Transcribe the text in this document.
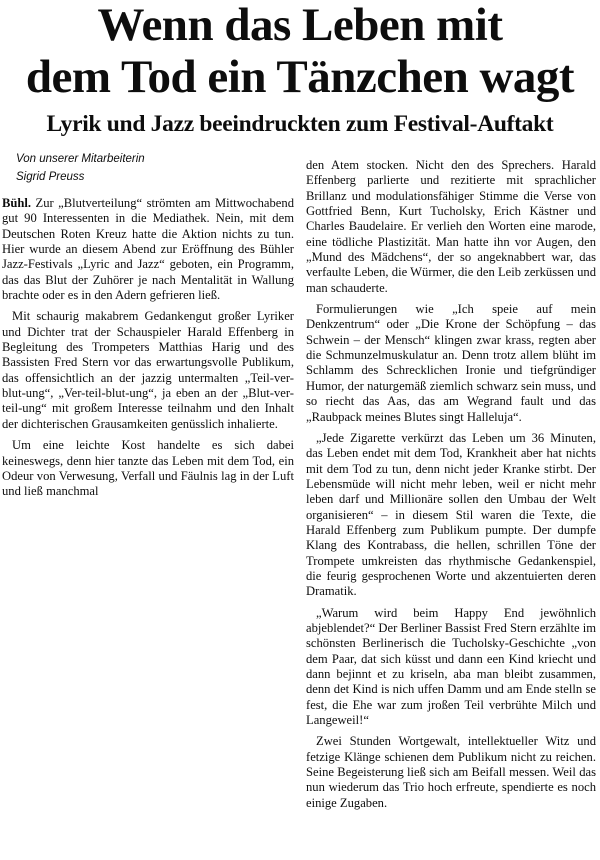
Wenn das Leben mit
dem Tod ein Tänzchen wagt
Lyrik und Jazz beeindruckten zum Festival-Auftakt
Von unserer Mitarbeiterin
Sigrid Preuss

Bühl. Zur „Blutverteilung“ strömten am Mittwochabend gut 90 Interessenten in die Mediathek. Nein, mit dem Deutschen Roten Kreuz hatte die Aktion nichts zu tun. Hier wurde an diesem Abend zur Eröffnung des Bühler Jazz-Festivals „Lyric and Jazz“ geboten, ein Programm, das das Blut der Zuhörer je nach Mentalität in Wallung brachte oder es in den Adern gefrieren ließ.

Mit schaurig makabrem Gedankengut großer Lyriker und Dichter trat der Schauspieler Harald Effenberg in Begleitung des Trompeters Matthias Harig und des Bassisten Fred Stern vor das erwartungsvolle Publikum, das offensichtlich an der jazzig untermalten „Teil-ver-blut-ung“, „Ver-teil-blut-ung“, ja eben an der „Blut-ver-teil-ung“ mit großem Interesse teilnahm und den Inhalt der dichterischen Grausamkeiten genüsslich inhalierte.

Um eine leichte Kost handelte es sich dabei keineswegs, denn hier tanzte das Leben mit dem Tod, ein Odeur von Verwesung, Verfall und Fäulnis lag in der Luft und ließ manchmal

den Atem stocken. Nicht den des Sprechers. Harald Effenberg parlierte und rezitierte mit sprachlicher Brillanz und modulationsfähiger Stimme die Verse von Gottfried Benn, Kurt Tucholsky, Erich Kästner und Charles Baudelaire. Er verlieh den Worten eine marode, eine tödliche Plastizität. Man hatte ihn vor Augen, den „Mund des Mädchens“, der so angeknabbert war, das verfaulte Leben, die Würmer, die den Leib zerküssen und man schauderte.

Formulierungen wie „Ich speie auf mein Denkzentrum“ oder „Die Krone der Schöpfung – das Schwein – der Mensch“ klingen zwar krass, regten aber die Schmunzelmuskulatur an. Denn trotz allem blüht im Schlamm des Schrecklichen Ironie und tiefgründiger Humor, der naturgemäß ziemlich schwarz sein muss, und so riecht das Aas, das am Wegrand fault und das „Raubpack meines Blutes singt Halleluja“.

„Jede Zigarette verkürzt das Leben um 36 Minuten, das Leben endet mit dem Tod, Krankheit aber hat nichts mit dem Tod zu tun, denn nicht jeder Kranke stirbt. Der Lebensmüde will nicht mehr leben, weil er nicht mehr leben darf und Millionäre sollen den Umbau der Welt organisieren“ – in diesem Stil waren die Texte, die Harald Effenberg zum Publikum pumpte. Der dumpfe Klang des Kontrabass, die hellen, schrillen Töne der Trompete umkreisten das rhythmische Gedankenspiel, die feurig gesprochenen Worte und akzentuierten deren Dramatik.

„Warum wird beim Happy End jewöhnlich abjeblendet?“ Der Berliner Bassist Fred Stern erzählte im schönsten Berlinerisch die Tucholsky-Geschichte „von dem Paar, dat sich küsst und dann een Kind kriecht und dann bejinnt et zu kriseln, aba man bleibt zusammen, denn det Kind is nich uffen Damm und am Ende stelln se fest, die Ehe war zum jroßen Teil verbrühte Milch und Langeweil!“

Zwei Stunden Wortgewalt, intellektueller Witz und fetzige Klänge schienen dem Publikum nicht zu reichen. Seine Begeisterung ließ sich am Beifall messen. Weil das nun wiederum das Trio hoch erfreute, spendierte es noch einige Zugaben.
